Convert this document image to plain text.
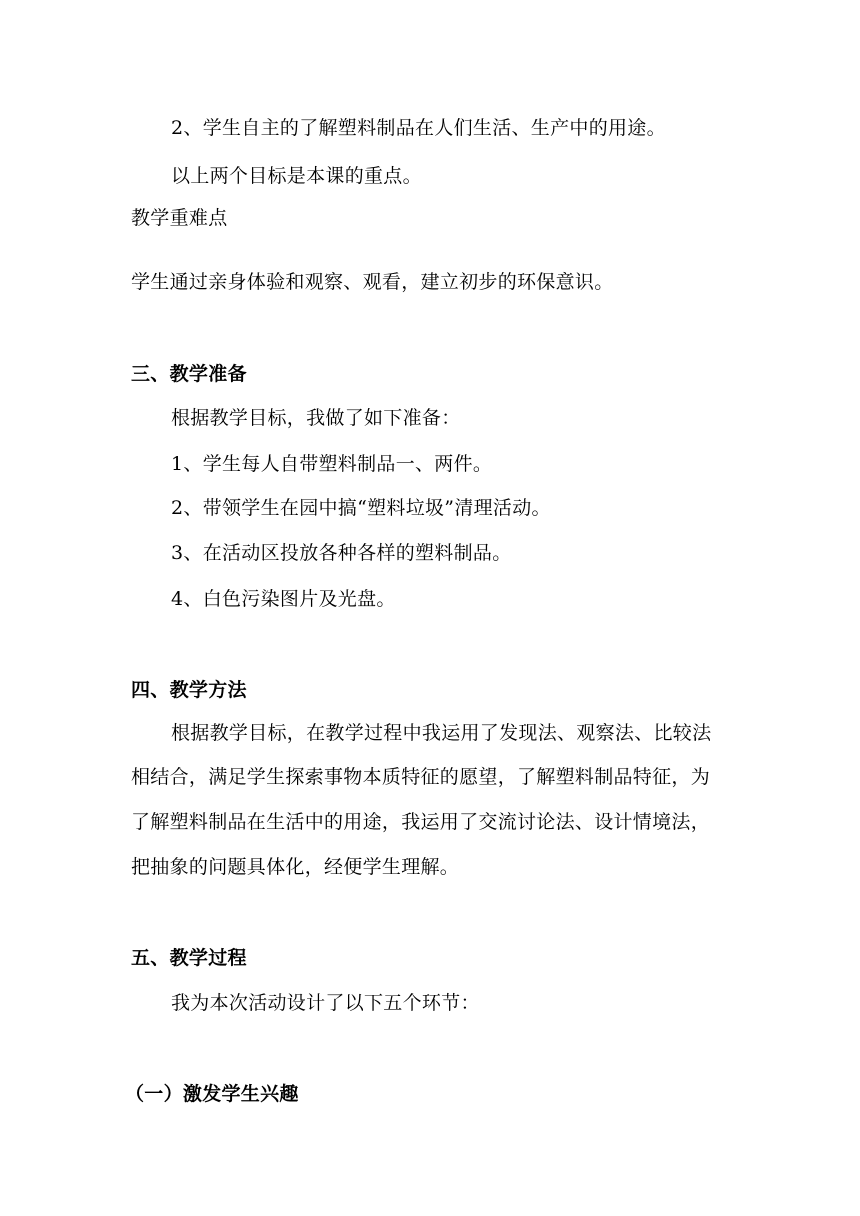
2、学生自主的了解塑料制品在人们生活、生产中的用途。
以上两个目标是本课的重点。
教学重难点
学生通过亲身体验和观察、观看，建立初步的环保意识。
三、教学准备
根据教学目标，我做了如下准备：
1、学生每人自带塑料制品一、两件。
2、带领学生在园中搞“塑料垃圾”清理活动。
3、在活动区投放各种各样的塑料制品。
4、白色污染图片及光盘。
四、教学方法
根据教学目标，在教学过程中我运用了发现法、观察法、比较法
相结合，满足学生探索事物本质特征的愿望，了解塑料制品特征，为
了解塑料制品在生活中的用途，我运用了交流讨论法、设计情境法，
把抽象的问题具体化，经便学生理解。
五、教学过程
我为本次活动设计了以下五个环节：
（一）激发学生兴趣
